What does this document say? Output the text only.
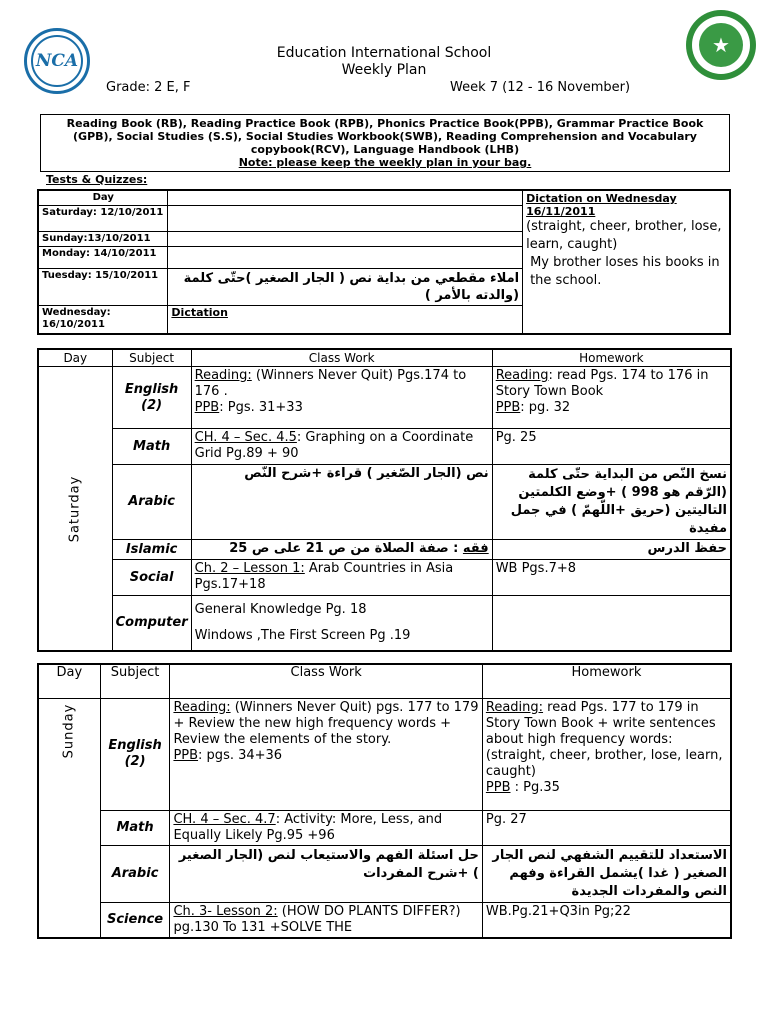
NCA
★
Education International School
Weekly Plan
Grade: 2 E, F	Week 7 (12 - 16 November)
Reading Book (RB), Reading Practice Book (RPB), Phonics Practice Book(PPB), Grammar Practice Book
(GPB), Social Studies (S.S), Social Studies Workbook(SWB), Reading Comprehension and Vocabulary
copybook(RCV), Language Handbook (LHB)
Note: please keep the weekly plan in your bag.
Tests & Quizzes:
Day		Dictation on Wednesday 16/11/2011
(straight, cheer, brother, lose, learn, caught)
My brother loses his books in the school.

Saturday: 12/10/2011		
Sunday:13/10/2011		
Monday: 14/10/2011		
Tuesday: 15/10/2011	املاء مقطعي من بداية نص ( الجار الصغير )حتّى كلمة (والدته بالأمر )	
Wednesday: 16/10/2011	Dictation	
Day	Subject	Class Work	Homework
Saturday	English (2)	Reading: (Winners Never Quit) Pgs.174 to 176 .
PPB: Pgs. 31+33	Reading: read Pgs. 174 to 176 in Story Town Book
PPB: pg. 32
	Math	CH. 4 – Sec. 4.5: Graphing on a Coordinate Grid Pg.89 + 90	Pg. 25
	Arabic	نص (الجار الصّغير ) قراءة +شرح النّص	نسخ النّص من البداية حتّى كلمة (الرّقم هو 998 ) +وضع الكلمتين التاليتين (حريق +اللّهمّ ) في جمل مفيدة
	Islamic	فقه : صفة الصلاة من ص 21 على ص 25	حفظ الدرس
	Social	Ch. 2 – Lesson 1: Arab Countries in Asia Pgs.17+18	WB Pgs.7+8
	Computer	General Knowledge Pg. 18
Windows ,The First Screen Pg .19	

Day	Subject	Class Work	Homework
Sunday	English (2)	Reading: (Winners Never Quit) pgs. 177 to 179 + Review the new high frequency words + Review the elements of the story.
PPB: pgs. 34+36	Reading: read Pgs. 177 to 179 in Story Town Book + write sentences about high frequency words: (straight, cheer, brother, lose, learn, caught)
PPB : Pg.35
	Math	CH. 4 – Sec. 4.7: Activity: More, Less, and Equally Likely Pg.95 +96	Pg. 27
	Arabic	حل اسئلة الفهم والاستيعاب لنص (الجار الصغير ) +شرح المفردات	الاستعداد للتقييم الشفهي لنص الجار الصغير ( غدا )يشمل القراءة وفهم النص والمفردات الجديدة
	Science	Ch. 3- Lesson 2: (HOW DO PLANTS DIFFER?) pg.130 To 131 +SOLVE THE	WB.Pg.21+Q3in Pg;22
